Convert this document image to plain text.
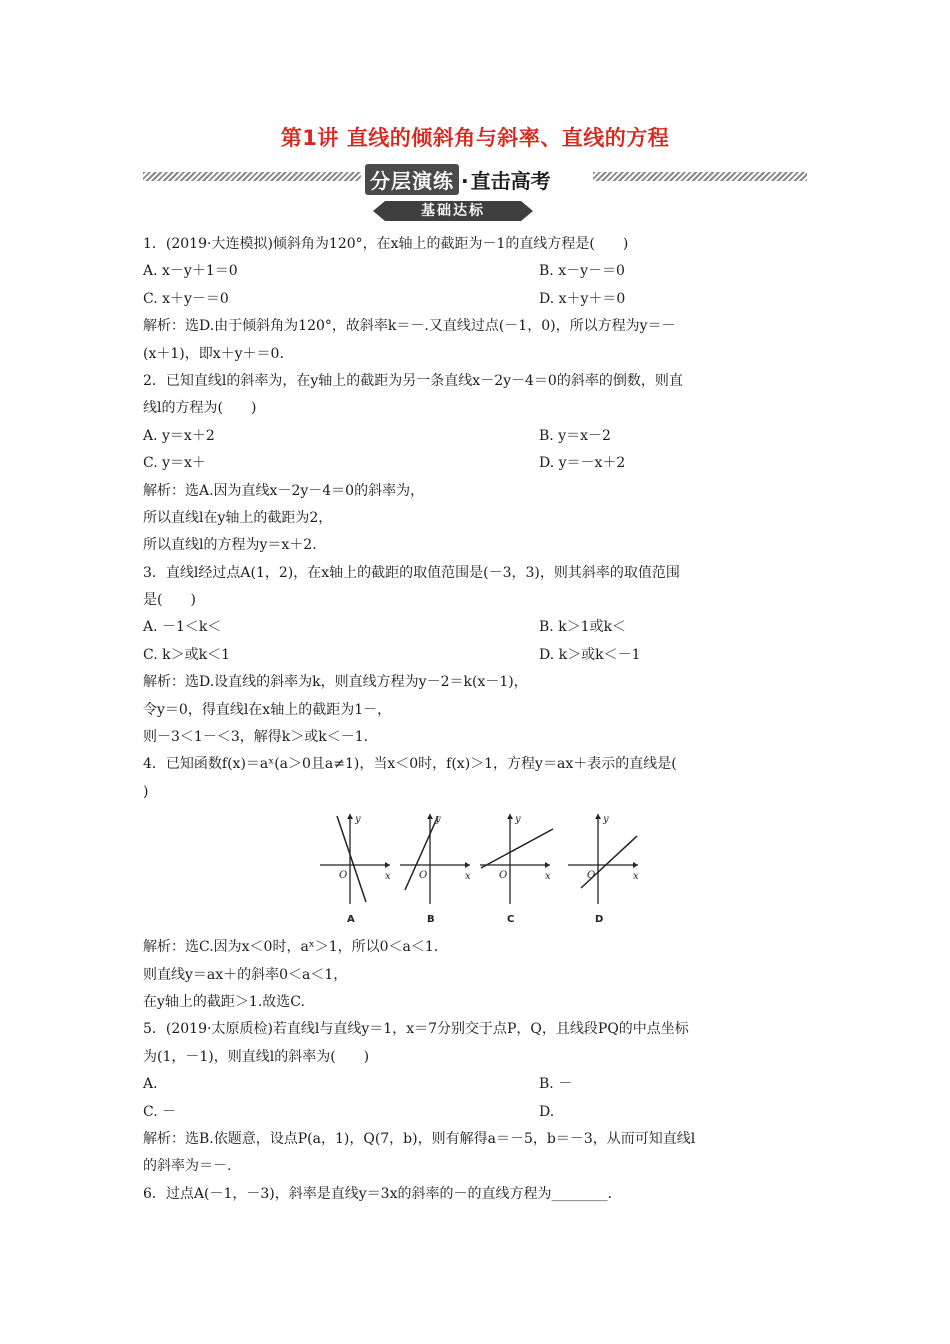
第1讲 直线的倾斜角与斜率、直线的方程
分层演练 · 直击高考
基础达标
1．(2019·大连模拟)倾斜角为120°，在x轴上的截距为－1的直线方程是(　　)
A. x－y＋1＝0	B. x－y－＝0
C. x＋y－＝0	D. x＋y＋＝0
解析：选D.由于倾斜角为120°，故斜率k＝－.又直线过点(－1，0)，所以方程为y＝－
(x＋1)，即x＋y＋＝0.
2．已知直线l的斜率为，在y轴上的截距为另一条直线x－2y－4＝0的斜率的倒数，则直
线l的方程为(　　)
A. y＝x＋2	B. y＝x－2
C. y＝x＋	D. y＝－x＋2
解析：选A.因为直线x－2y－4＝0的斜率为，
所以直线l在y轴上的截距为2，
所以直线l的方程为y＝x＋2.
3．直线l经过点A(1，2)，在x轴上的截距的取值范围是(－3，3)，则其斜率的取值范围
是(　　)
A. －1＜k＜	B. k＞1或k＜
C. k＞或k＜1	D. k＞或k＜－1
解析：选D.设直线的斜率为k，则直线方程为y－2＝k(x－1)，
令y＝0，得直线l在x轴上的截距为1－，
则－3＜1－＜3，解得k＞或k＜－1.
4．已知函数f(x)＝aˣ(a＞0且a≠1)，当x＜0时，f(x)＞1，方程y＝ax＋表示的直线是(
)
y
x
O
A
y
x
O
B
y
x
O
C
y
x
O
D
解析：选C.因为x＜0时，aˣ＞1，所以0＜a＜1.
则直线y＝ax＋的斜率0＜a＜1，
在y轴上的截距＞1.故选C.
5．(2019·太原质检)若直线l与直线y＝1，x＝7分别交于点P，Q，且线段PQ的中点坐标
为(1，－1)，则直线l的斜率为(　　)
A.	B. －
C. －	D.
解析：选B.依题意，设点P(a，1)，Q(7，b)，则有解得a＝－5，b＝－3，从而可知直线l
的斜率为＝－.
6．过点A(－1，－3)，斜率是直线y＝3x的斜率的－的直线方程为________.
